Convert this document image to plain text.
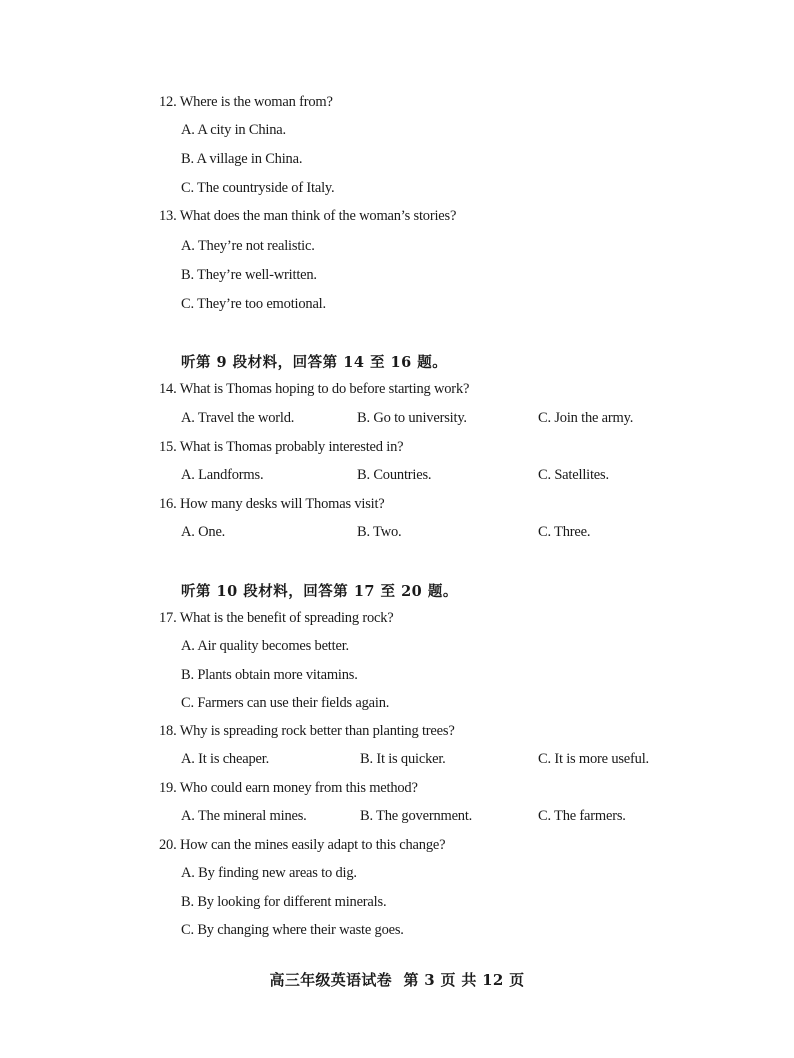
12. Where is the woman from?
A. A city in China.
B. A village in China.
C. The countryside of Italy.
13. What does the man think of the woman’s stories?
A. They’re not realistic.
B. They’re well-written.
C. They’re too emotional.
听第 9 段材料，回答第 14 至 16 题。
14. What is Thomas hoping to do before starting work?
A. Travel the world.	B. Go to university.	C. Join the army.
15. What is Thomas probably interested in?
A. Landforms.	B. Countries.	C. Satellites.
16. How many desks will Thomas visit?
A. One.	B. Two.	C. Three.
听第 10 段材料，回答第 17 至 20 题。
17. What is the benefit of spreading rock?
A. Air quality becomes better.
B. Plants obtain more vitamins.
C. Farmers can use their fields again.
18. Why is spreading rock better than planting trees?
A. It is cheaper.	B. It is quicker.	C. It is more useful.
19. Who could earn money from this method?
A. The mineral mines.	B. The government.	C. The farmers.
20. How can the mines easily adapt to this change?
A. By finding new areas to dig.
B. By looking for different minerals.
C. By changing where their waste goes.
高三年级英语试卷 第 3 页 共 12 页
